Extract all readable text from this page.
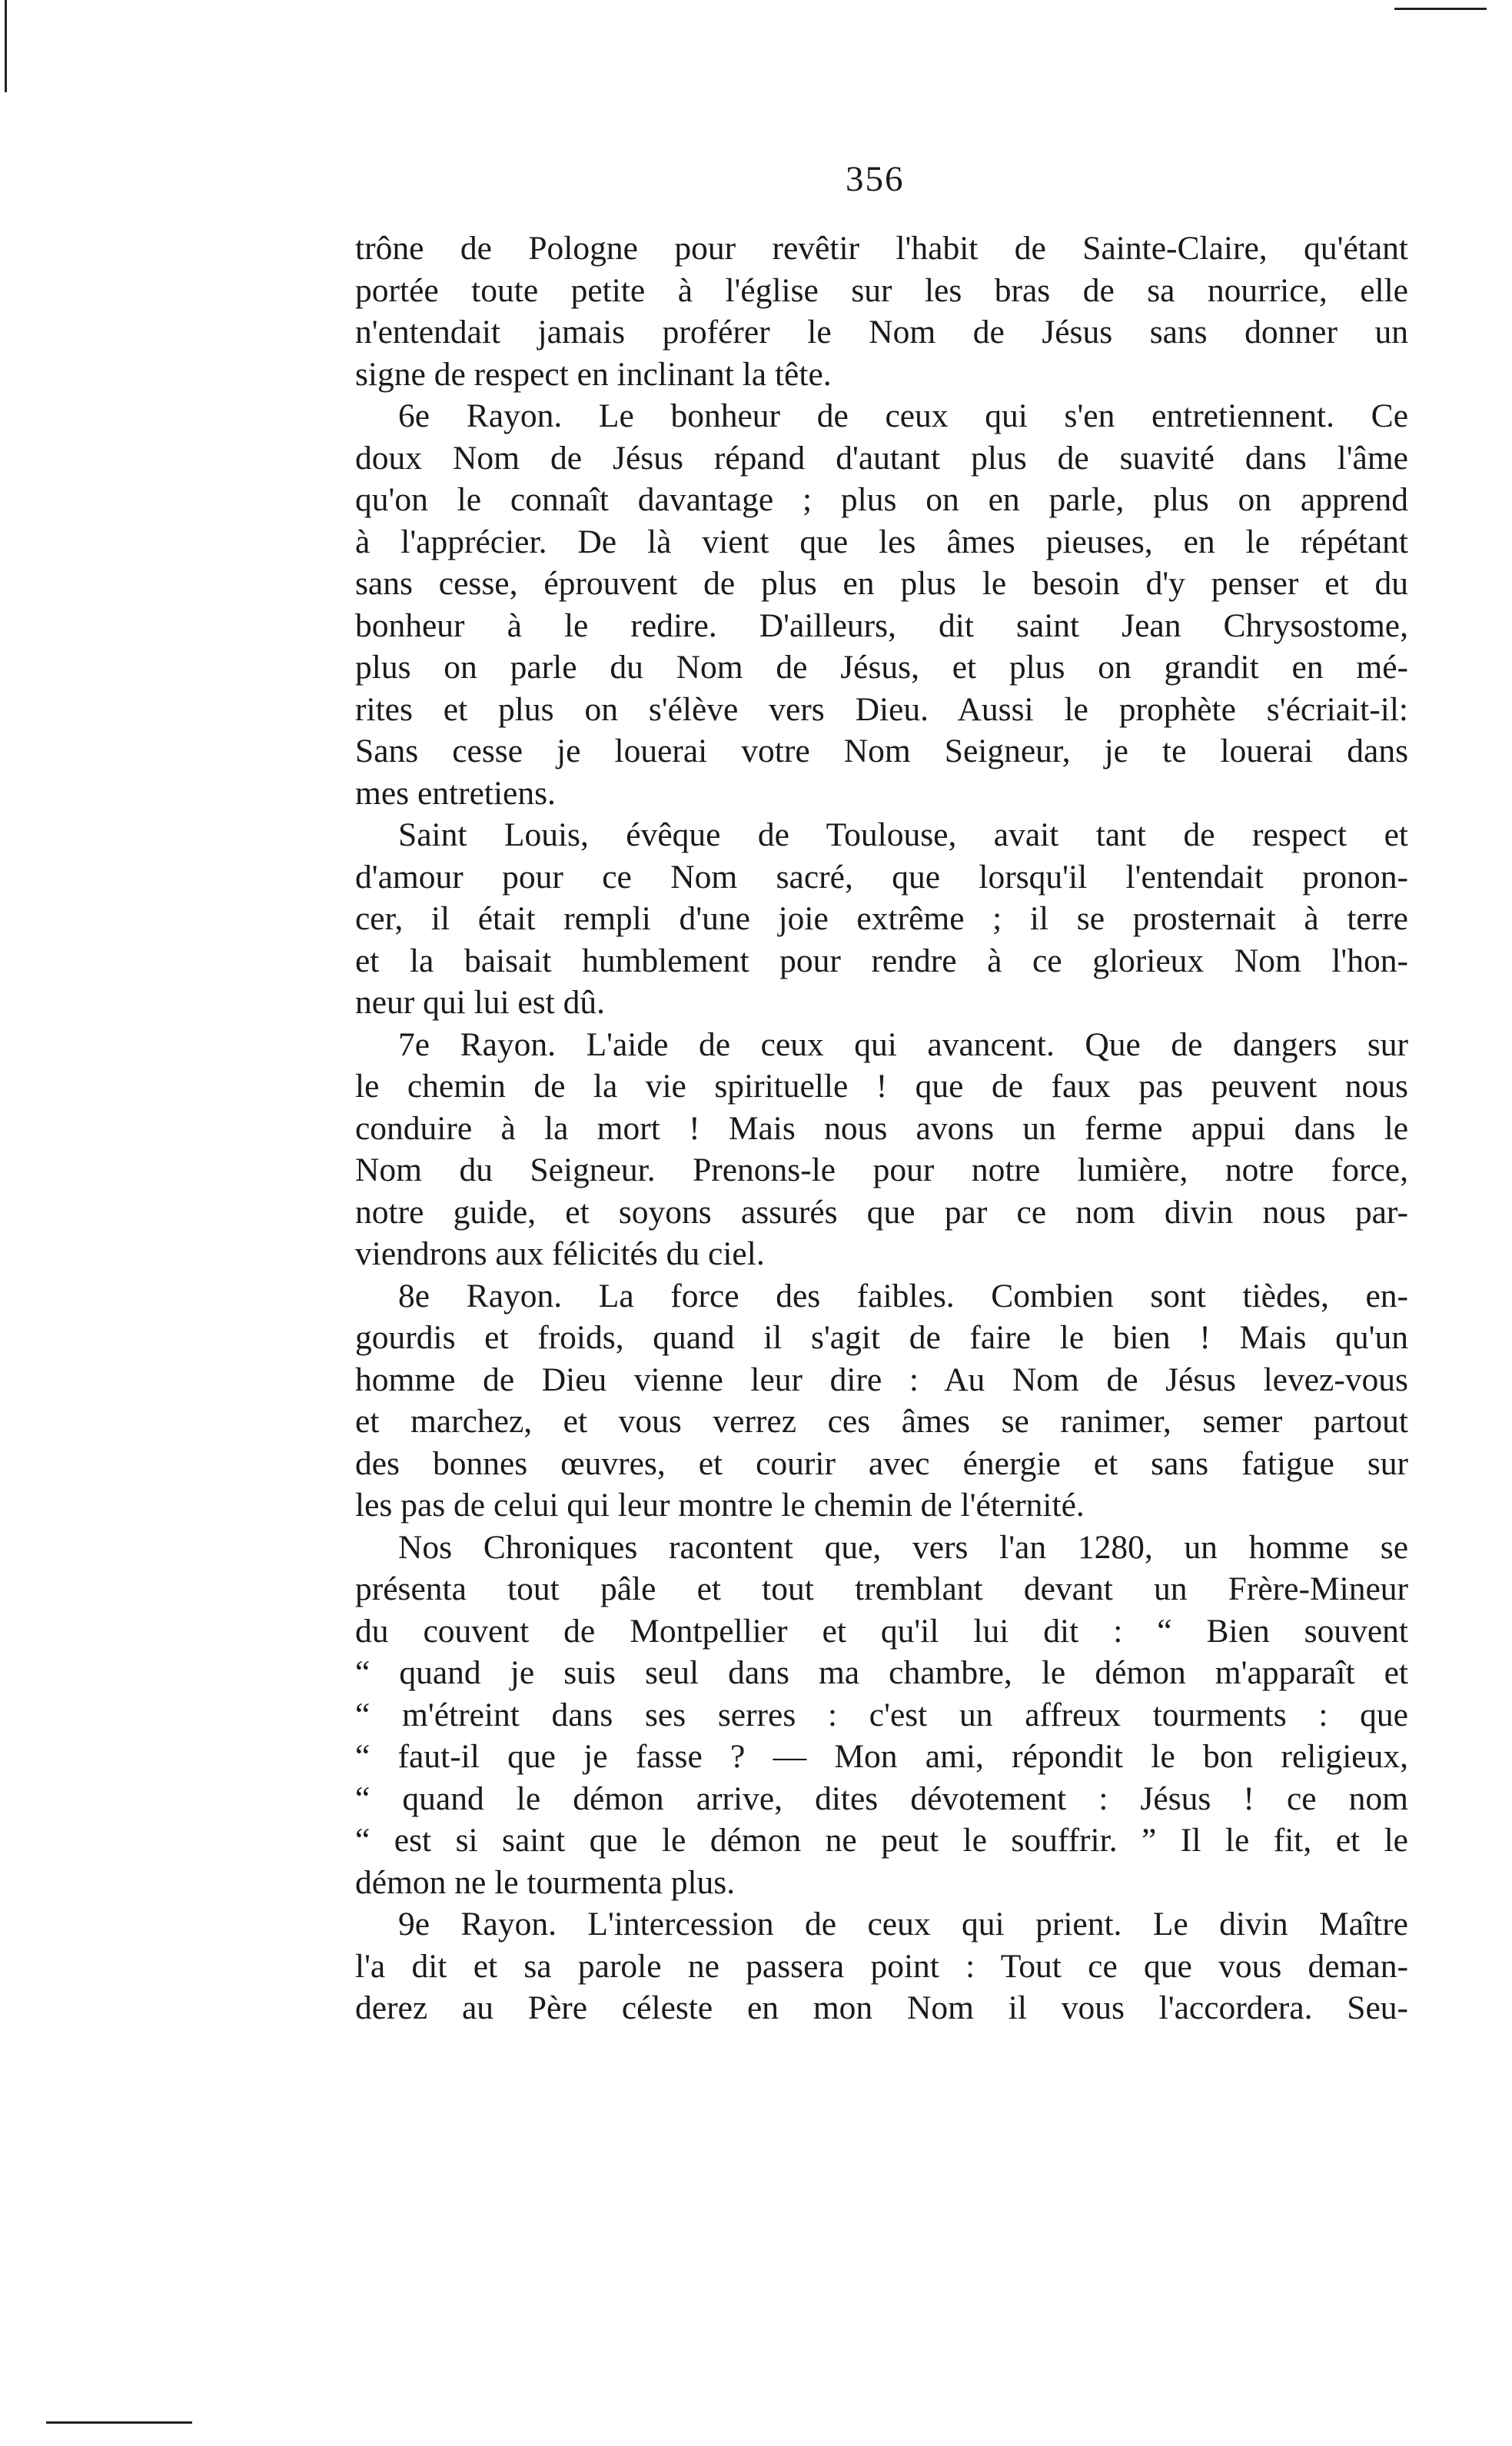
356
trône de Pologne pour revêtir l'habit de Sainte-Claire, qu'étant
portée toute petite à l'église sur les bras de sa nourrice, elle
n'entendait jamais proférer le Nom de Jésus sans donner un
signe de respect en inclinant la tête.
6e Rayon. Le bonheur de ceux qui s'en entretiennent. Ce
doux Nom de Jésus répand d'autant plus de suavité dans l'âme
qu'on le connaît davantage ; plus on en parle, plus on apprend
à l'apprécier. De là vient que les âmes pieuses, en le répétant
sans cesse, éprouvent de plus en plus le besoin d'y penser et du
bonheur à le redire. D'ailleurs, dit saint Jean Chrysostome,
plus on parle du Nom de Jésus, et plus on grandit en mé-
rites et plus on s'élève vers Dieu. Aussi le prophète s'écriait-il:
Sans cesse je louerai votre Nom Seigneur, je te louerai dans
mes entretiens.
Saint Louis, évêque de Toulouse, avait tant de respect et
d'amour pour ce Nom sacré, que lorsqu'il l'entendait pronon-
cer, il était rempli d'une joie extrême ; il se prosternait à terre
et la baisait humblement pour rendre à ce glorieux Nom l'hon-
neur qui lui est dû.
7e Rayon. L'aide de ceux qui avancent. Que de dangers sur
le chemin de la vie spirituelle ! que de faux pas peuvent nous
conduire à la mort ! Mais nous avons un ferme appui dans le
Nom du Seigneur. Prenons-le pour notre lumière, notre force,
notre guide, et soyons assurés que par ce nom divin nous par-
viendrons aux félicités du ciel.
8e Rayon. La force des faibles. Combien sont tièdes, en-
gourdis et froids, quand il s'agit de faire le bien ! Mais qu'un
homme de Dieu vienne leur dire : Au Nom de Jésus levez-vous
et marchez, et vous verrez ces âmes se ranimer, semer partout
des bonnes œuvres, et courir avec énergie et sans fatigue sur
les pas de celui qui leur montre le chemin de l'éternité.
Nos Chroniques racontent que, vers l'an 1280, un homme se
présenta tout pâle et tout tremblant devant un Frère-Mineur
du couvent de Montpellier et qu'il lui dit : “ Bien souvent
“ quand je suis seul dans ma chambre, le démon m'apparaît et
“ m'étreint dans ses serres : c'est un affreux tourments : que
“ faut-il que je fasse ? — Mon ami, répondit le bon religieux,
“ quand le démon arrive, dites dévotement : Jésus ! ce nom
“ est si saint que le démon ne peut le souffrir. ” Il le fit, et le
démon ne le tourmenta plus.
9e Rayon. L'intercession de ceux qui prient. Le divin Maître
l'a dit et sa parole ne passera point : Tout ce que vous deman-
derez au Père céleste en mon Nom il vous l'accordera. Seu-
